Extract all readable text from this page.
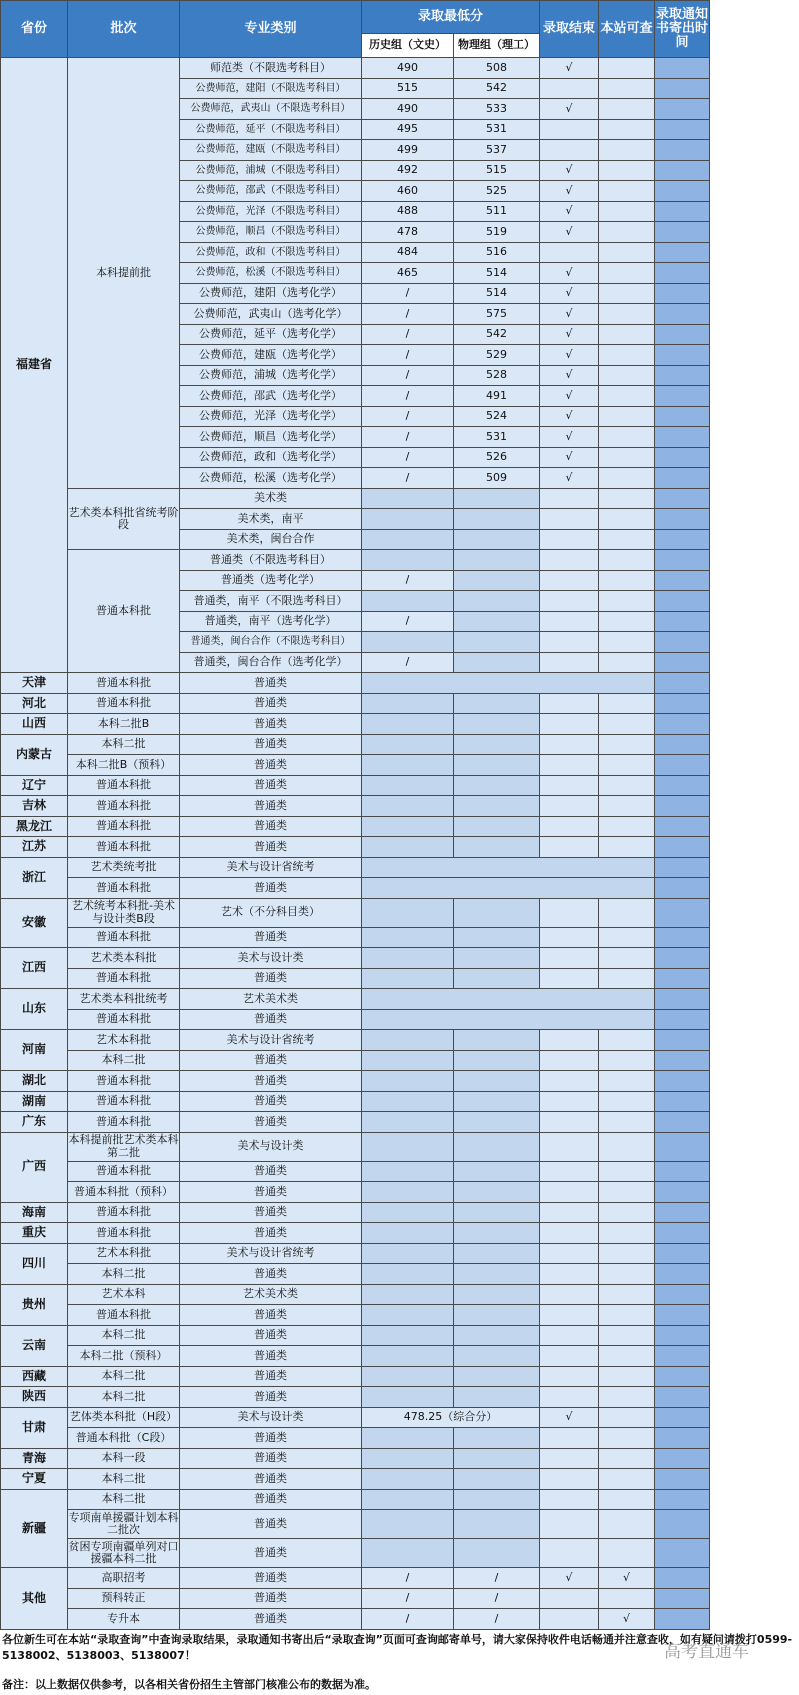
省份	批次	专业类别	录取最低分		录取结束	本站可查	录取通知书寄出时间
			历史组（文史）	物理组（理工）			
福建省	本科提前批	师范类（不限选考科目）	490	508	√		
		公费师范，建阳（不限选考科目）	515	542			
		公费师范，武夷山（不限选考科目）	490	533	√		
		公费师范，延平（不限选考科目）	495	531			
		公费师范，建瓯（不限选考科目）	499	537			
		公费师范，浦城（不限选考科目）	492	515	√		
		公费师范，邵武（不限选考科目）	460	525	√		
		公费师范，光泽（不限选考科目）	488	511	√		
		公费师范，顺昌（不限选考科目）	478	519	√		
		公费师范，政和（不限选考科目）	484	516			
		公费师范，松溪（不限选考科目）	465	514	√		
		公费师范，建阳（选考化学）	/	514	√		
		公费师范，武夷山（选考化学）	/	575	√		
		公费师范，延平（选考化学）	/	542	√		
		公费师范，建瓯（选考化学）	/	529	√		
		公费师范，浦城（选考化学）	/	528	√		
		公费师范，邵武（选考化学）	/	491	√		
		公费师范，光泽（选考化学）	/	524	√		
		公费师范，顺昌（选考化学）	/	531	√		
		公费师范，政和（选考化学）	/	526	√		
		公费师范，松溪（选考化学）	/	509	√		
	艺术类本科批省统考阶段	美术类					
		美术类，南平					
		美术类，闽台合作					
	普通本科批	普通类（不限选考科目）					
		普通类（选考化学）	/				
		普通类，南平（不限选考科目）					
		普通类，南平（选考化学）	/				
		普通类，闽台合作（不限选考科目）					
		普通类，闽台合作（选考化学）	/				
天津	普通本科批	普通类					
河北	普通本科批	普通类					
山西	本科二批B	普通类					
内蒙古	本科二批	普通类					
	本科二批B（预科）	普通类					
辽宁	普通本科批	普通类					
吉林	普通本科批	普通类					
黑龙江	普通本科批	普通类					
江苏	普通本科批	普通类					
浙江	艺术类统考批	美术与设计省统考					
	普通本科批	普通类					
安徽	艺术统考本科批-美术与设计类B段	艺术（不分科目类）					
	普通本科批	普通类					
江西	艺术类本科批	美术与设计类					
	普通本科批	普通类					
山东	艺术类本科批统考	艺术美术类					
	普通本科批	普通类					
河南	艺术本科批	美术与设计省统考					
	本科二批	普通类					
湖北	普通本科批	普通类					
湖南	普通本科批	普通类					
广东	普通本科批	普通类					
广西	本科提前批艺术类本科第二批	美术与设计类					
	普通本科批	普通类					
	普通本科批（预科）	普通类					
海南	普通本科批	普通类					
重庆	普通本科批	普通类					
四川	艺术本科批	美术与设计省统考					
	本科二批	普通类					
贵州	艺术本科	艺术美术类					
	普通本科批	普通类					
云南	本科二批	普通类					
	本科二批（预科）	普通类					
西藏	本科二批	普通类					
陕西	本科二批	普通类					
甘肃	艺体类本科批（H段）	美术与设计类	478.25（综合分）		√		
	普通本科批（C段）	普通类					
青海	本科一段	普通类					
宁夏	本科二批	普通类					
新疆	本科二批	普通类					
	专项南单援疆计划本科二批次	普通类					
	贫困专项南疆单列对口援疆本科二批	普通类					
其他	高职招考	普通类	/	/	√	√	
	预科转正	普通类	/	/			
	专升本	普通类	/	/		√	
各位新生可在本站“录取查询”中查询录取结果，录取通知书寄出后“录取查询”页面可查询邮寄单号，请大家保持收件电话畅通并注意查收，如有疑问请拨打0599-5138002、5138003、5138007！
备注：以上数据仅供参考，以各相关省份招生主管部门核准公布的数据为准。
高考直通车
